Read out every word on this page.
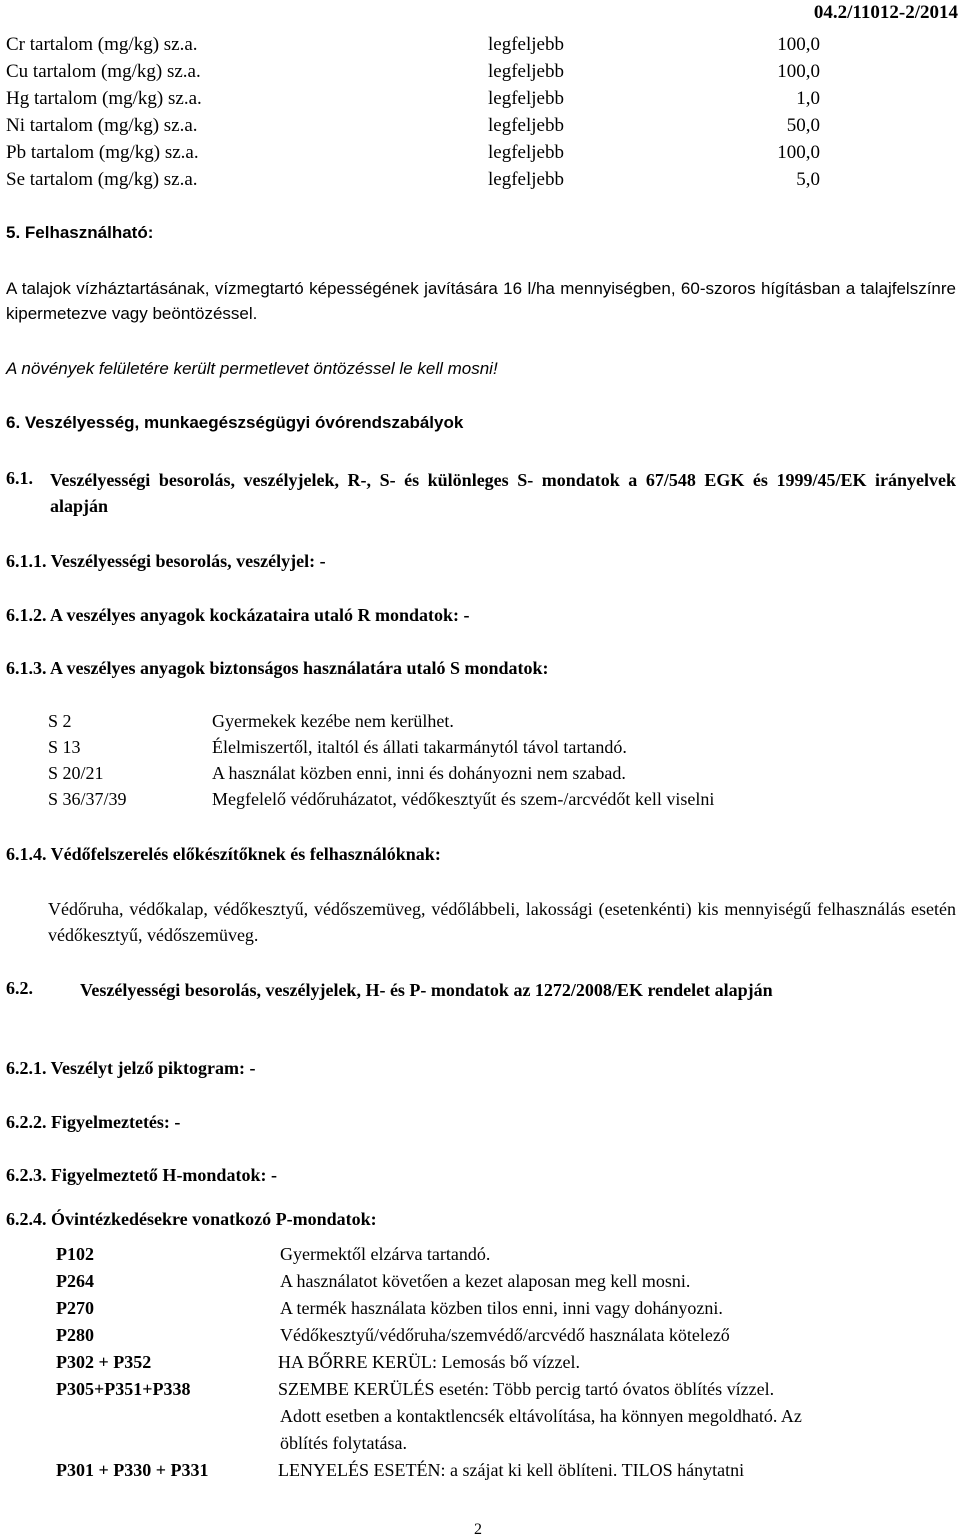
04.2/11012-2/2014
Cr tartalom (mg/kg) sz.a.	legfeljebb	100,0
Cu tartalom (mg/kg) sz.a.	legfeljebb	100,0
Hg tartalom (mg/kg) sz.a.	legfeljebb	1,0
Ni tartalom (mg/kg) sz.a.	legfeljebb	50,0
Pb tartalom (mg/kg) sz.a.	legfeljebb	100,0
Se tartalom (mg/kg) sz.a.	legfeljebb	5,0
5. Felhasználható:
A talajok vízháztartásának, vízmegtartó képességének javítására 16 l/ha mennyiségben, 60-szoros hígításban a talajfelszínre kipermetezve vagy beöntözéssel.
A növények felületére került permetlevet öntözéssel le kell mosni!
6. Veszélyesség, munkaegészségügyi óvórendszabályok
6.1. Veszélyességi besorolás, veszélyjelek, R-, S- és különleges S- mondatok a 67/548 EGK és 1999/45/EK irányelvek alapján
6.1.1. Veszélyességi besorolás, veszélyjel: -
6.1.2. A veszélyes anyagok kockázataira utaló R mondatok: -
6.1.3. A veszélyes anyagok biztonságos használatára utaló S mondatok:
S 2	Gyermekek kezébe nem kerülhet.
S 13	Élelmiszertől, italtól és állati takarmánytól távol tartandó.
S 20/21	A használat közben enni, inni és dohányozni nem szabad.
S 36/37/39	Megfelelő védőruházatot, védőkesztyűt és szem-/arcvédőt kell viselni
6.1.4. Védőfelszerelés előkészítőknek és felhasználóknak:
Védőruha, védőkalap, védőkesztyű, védőszemüveg, védőlábbeli, lakossági (esetenkénti) kis mennyiségű felhasználás esetén védőkesztyű, védőszemüveg.
6.2.	Veszélyességi besorolás, veszélyjelek, H- és P- mondatok az 1272/2008/EK rendelet alapján
6.2.1. Veszélyt jelző piktogram: -
6.2.2. Figyelmeztetés: -
6.2.3. Figyelmeztető H-mondatok: -
6.2.4. Óvintézkedésekre vonatkozó P-mondatok:
P102	Gyermektől elzárva tartandó.
P264	A használatot követően a kezet alaposan meg kell mosni.
P270	A termék használata közben tilos enni, inni vagy dohányozni.
P280	Védőkesztyű/védőruha/szemvédő/arcvédő használata kötelező
P302 + P352	HA BŐRRE KERÜL: Lemosás bő vízzel.
P305+P351+P338	SZEMBE KERÜLÉS esetén: Több percig tartó óvatos öblítés vízzel.
Adott esetben a kontaktlencsék eltávolítása, ha könnyen megoldható. Az
öblítés folytatása.
P301 + P330 + P331	LENYELÉS ESETÉN: a szájat ki kell öblíteni. TILOS hánytatni
2
